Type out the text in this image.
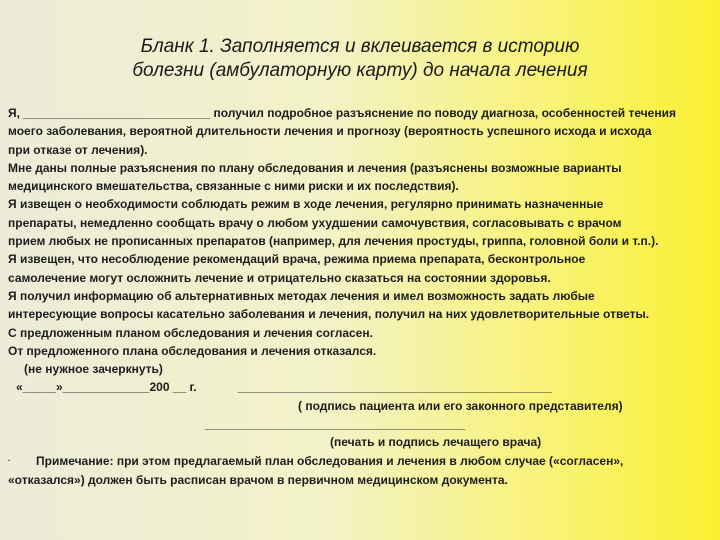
Бланк 1. Заполняется и вклеивается в историю
болезни (амбулаторную карту) до начала лечения
Я, ____________________________ получил подробное разъяснение по поводу диагноза, особенностей течения
моего заболевания, вероятной длительности лечения и прогнозу (вероятность успешного исхода и исхода
при отказе от лечения).
Мне даны полные разъяснения по плану обследования и лечения (разъяснены возможные варианты
медицинского вмешательства, связанные с ними риски и их последствия).
Я извещен о необходимости соблюдать режим в ходе лечения, регулярно принимать назначенные
препараты, немедленно сообщать врачу о любом ухудшении самочувствия, согласовывать с врачом
прием любых не прописанных препаратов (например, для лечения простуды, гриппа, головной боли и т.п.).
Я извещен, что несоблюдение рекомендаций врача, режима приема препарата, бесконтрольное
самолечение могут осложнить лечение и отрицательно сказаться на состоянии здоровья.
Я получил информацию об альтернативных методах лечения и имел возможность задать любые
интересующие вопросы касательно заболевания и лечения, получил на них удовлетворительные ответы.
С предложенным планом обследования и лечения согласен.
От предложенного плана обследования и лечения отказался.
(не нужное зачеркнуть)
«_____»_____________200 __ г.	_______________________________________________
( подпись пациента или его законного представителя)
_______________________________________
(печать и подпись лечащего врача)
· Примечание: при этом предлагаемый план обследования и лечения в любом случае («согласен»,
«отказался») должен быть расписан врачом в первичном медицинском документа.
